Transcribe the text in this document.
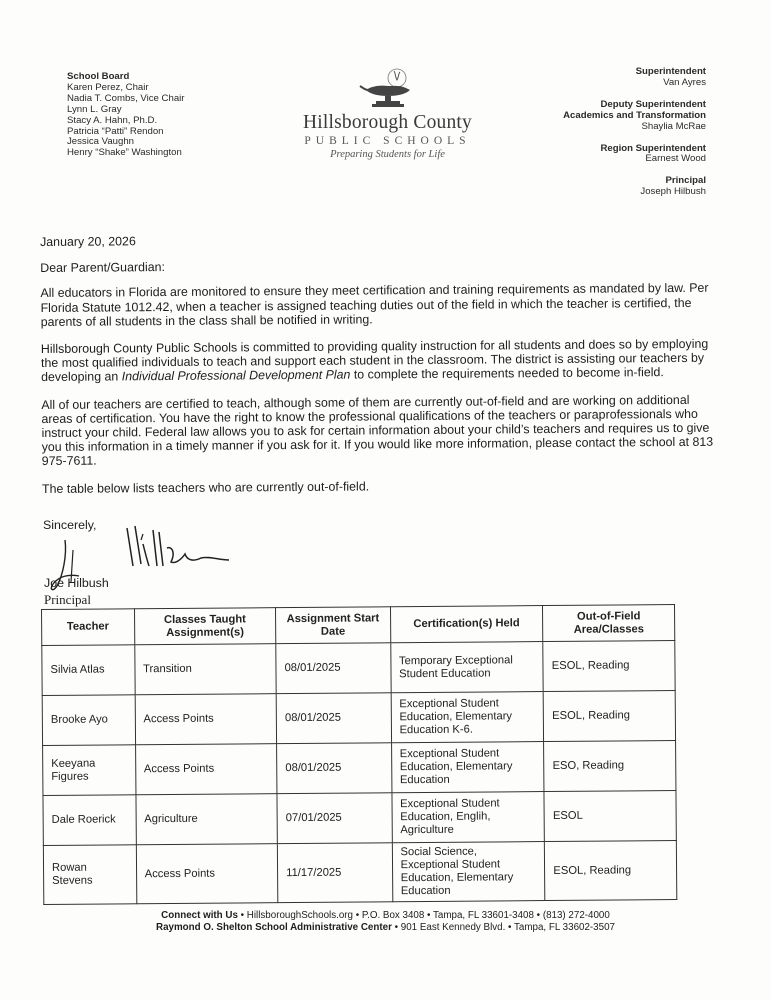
School Board
Karen Perez, Chair
Nadia T. Combs, Vice Chair
Lynn L. Gray
Stacy A. Hahn, Ph.D.
Patricia “Patti” Rendon
Jessica Vaughn
Henry “Shake” Washington
Hillsborough County
PUBLIC SCHOOLS
Preparing Students for Life
Superintendent
Van Ayres
Deputy Superintendent
Academics and Transformation
Shaylia McRae
Region Superintendent
Earnest Wood
Principal
Joseph Hilbush

January 20, 2026

Dear Parent/Guardian:

All educators in Florida are monitored to ensure they meet certification and training requirements as mandated by law. Per Florida Statute 1012.42, when a teacher is assigned teaching duties out of the field in which the teacher is certified, the parents of all students in the class shall be notified in writing.

Hillsborough County Public Schools is committed to providing quality instruction for all students and does so by employing the most qualified individuals to teach and support each student in the classroom. The district is assisting our teachers by developing an Individual Professional Development Plan to complete the requirements needed to become in-field.

All of our teachers are certified to teach, although some of them are currently out-of-field and are working on additional areas of certification. You have the right to know the professional qualifications of the teachers or paraprofessionals who instruct your child. Federal law allows you to ask for certain information about your child’s teachers and requires us to give you this information in a timely manner if you ask for it. If you would like more information, please contact the school at 813 975-7611.

The table below lists teachers who are currently out-of-field.

Sincerely,
Joe Hilbush
Principal
Teacher	Classes Taught Assignment(s)	Assignment Start Date	Certification(s) Held	Out-of-Field Area/Classes
Silvia Atlas	Transition	08/01/2025	Temporary Exceptional Student Education	ESOL, Reading
Brooke Ayo	Access Points	08/01/2025	Exceptional Student Education, Elementary Education K-6.	ESOL, Reading
Keeyana Figures	Access Points	08/01/2025	Exceptional Student Education, Elementary Education	ESO, Reading
Dale Roerick	Agriculture	07/01/2025	Exceptional Student Education, Englih, Agriculture	ESOL
Rowan Stevens	Access Points	11/17/2025	Social Science, Exceptional Student Education, Elementary Education	ESOL, Reading
Connect with Us • HillsboroughSchools.org • P.O. Box 3408 • Tampa, FL 33601-3408 • (813) 272-4000
Raymond O. Shelton School Administrative Center • 901 East Kennedy Blvd. • Tampa, FL 33602-3507
